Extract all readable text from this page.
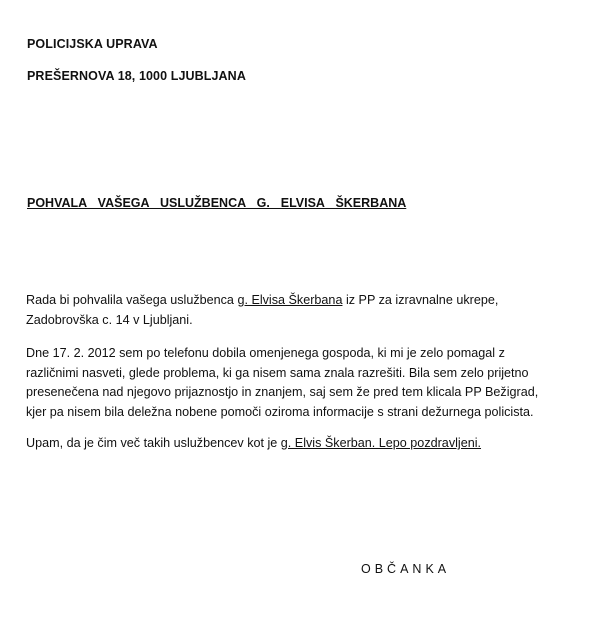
POLICIJSKA UPRAVA
PREŠERNOVA 18, 1000 LJUBLJANA
POHVALA  VAŠEGA  USLUŽBENCA  G.  ELVISA  ŠKERBANA
Rada bi pohvalila vašega uslužbenca g. Elvisa Škerbana iz PP za izravnalne ukrepe,
Zadobrovška c. 14 v Ljubljani.
Dne 17. 2. 2012 sem po telefonu dobila omenjenega gospoda, ki mi je zelo pomagal z
različnimi nasveti, glede problema, ki ga nisem sama znala razrešiti. Bila sem zelo prijetno
presenečena nad njegovo prijaznostjo in znanjem, saj sem že pred tem klicala PP Bežigrad,
kjer pa nisem bila deležna nobene pomoči oziroma informacije s strani dežurnega policista.
Upam, da je čim več takih uslužbencev kot je g. Elvis Škerban. Lepo pozdravljeni.
OBČANKA
